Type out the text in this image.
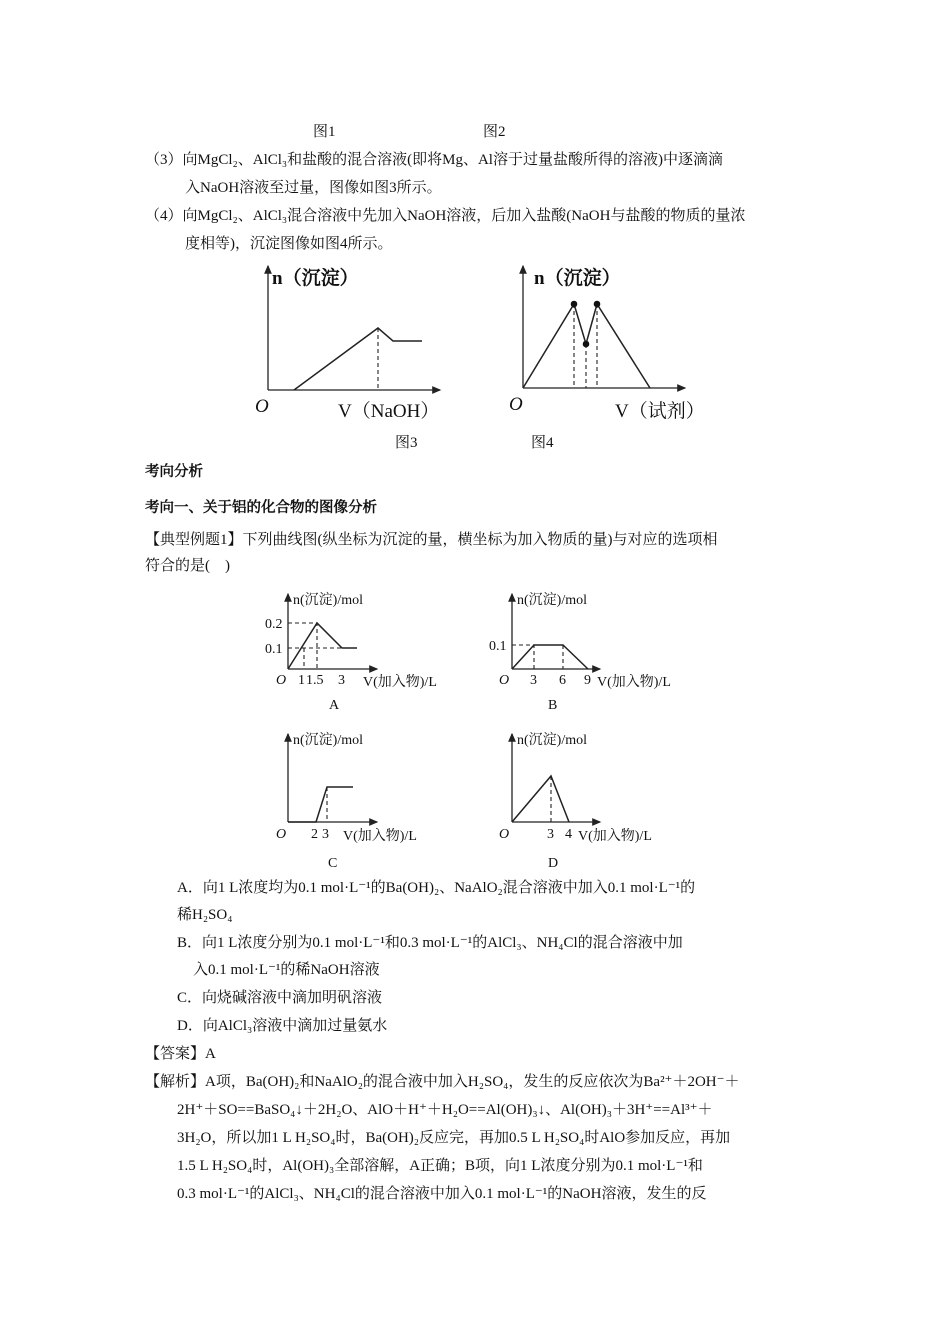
图1	图2
（3）向MgCl₂、AlCl₃和盐酸的混合溶液(即将Mg、Al溶于过量盐酸所得的溶液)中逐滴滴
入NaOH溶液至过量，图像如图3所示。
（4）向MgCl₂、AlCl₃混合溶液中先加入NaOH溶液，后加入盐酸(NaOH与盐酸的物质的量浓
度相等)，沉淀图像如图4所示。
n（沉淀）
O	V（NaOH）
图3
n（沉淀）
O	V（试剂）
图4
n(沉淀)/mol
0.2
0.1
O 1 1.5 3 V(加入物)/L
A
n(沉淀)/mol
0.1
O 3 6 9 V(加入物)/L
B
n(沉淀)/mol
O 2 3 V(加入物)/L
C
n(沉淀)/mol
O	3 4 V(加入物)/L
D
考向分析
考向一、关于铝的化合物的图像分析
【典型例题1】下列曲线图(纵坐标为沉淀的量，横坐标为加入物质的量)与对应的选项相
符合的是(　)
A．向1 L浓度均为0.1 mol·L⁻¹的Ba(OH)₂、NaAlO₂混合溶液中加入0.1 mol·L⁻¹的
稀H₂SO₄
B．向1 L浓度分别为0.1 mol·L⁻¹和0.3 mol·L⁻¹的AlCl₃、NH₄Cl的混合溶液中加
入0.1 mol·L⁻¹的稀NaOH溶液
C．向烧碱溶液中滴加明矾溶液
D．向AlCl₃溶液中滴加过量氨水
【答案】A
【解析】A项，Ba(OH)₂和NaAlO₂的混合液中加入H₂SO₄，发生的反应依次为Ba²⁺＋2OH⁻＋
2H⁺＋SO==BaSO₄↓＋2H₂O、AlO＋H⁺＋H₂O==Al(OH)₃↓、Al(OH)₃＋3H⁺==Al³⁺＋
3H₂O，所以加1 L H₂SO₄时，Ba(OH)₂反应完，再加0.5 L H₂SO₄时AlO参加反应，再加
1.5 L H₂SO₄时，Al(OH)₃全部溶解，A正确；B项，向1 L浓度分别为0.1 mol·L⁻¹和
0.3 mol·L⁻¹的AlCl₃、NH₄Cl的混合溶液中加入0.1 mol·L⁻¹的NaOH溶液，发生的反
